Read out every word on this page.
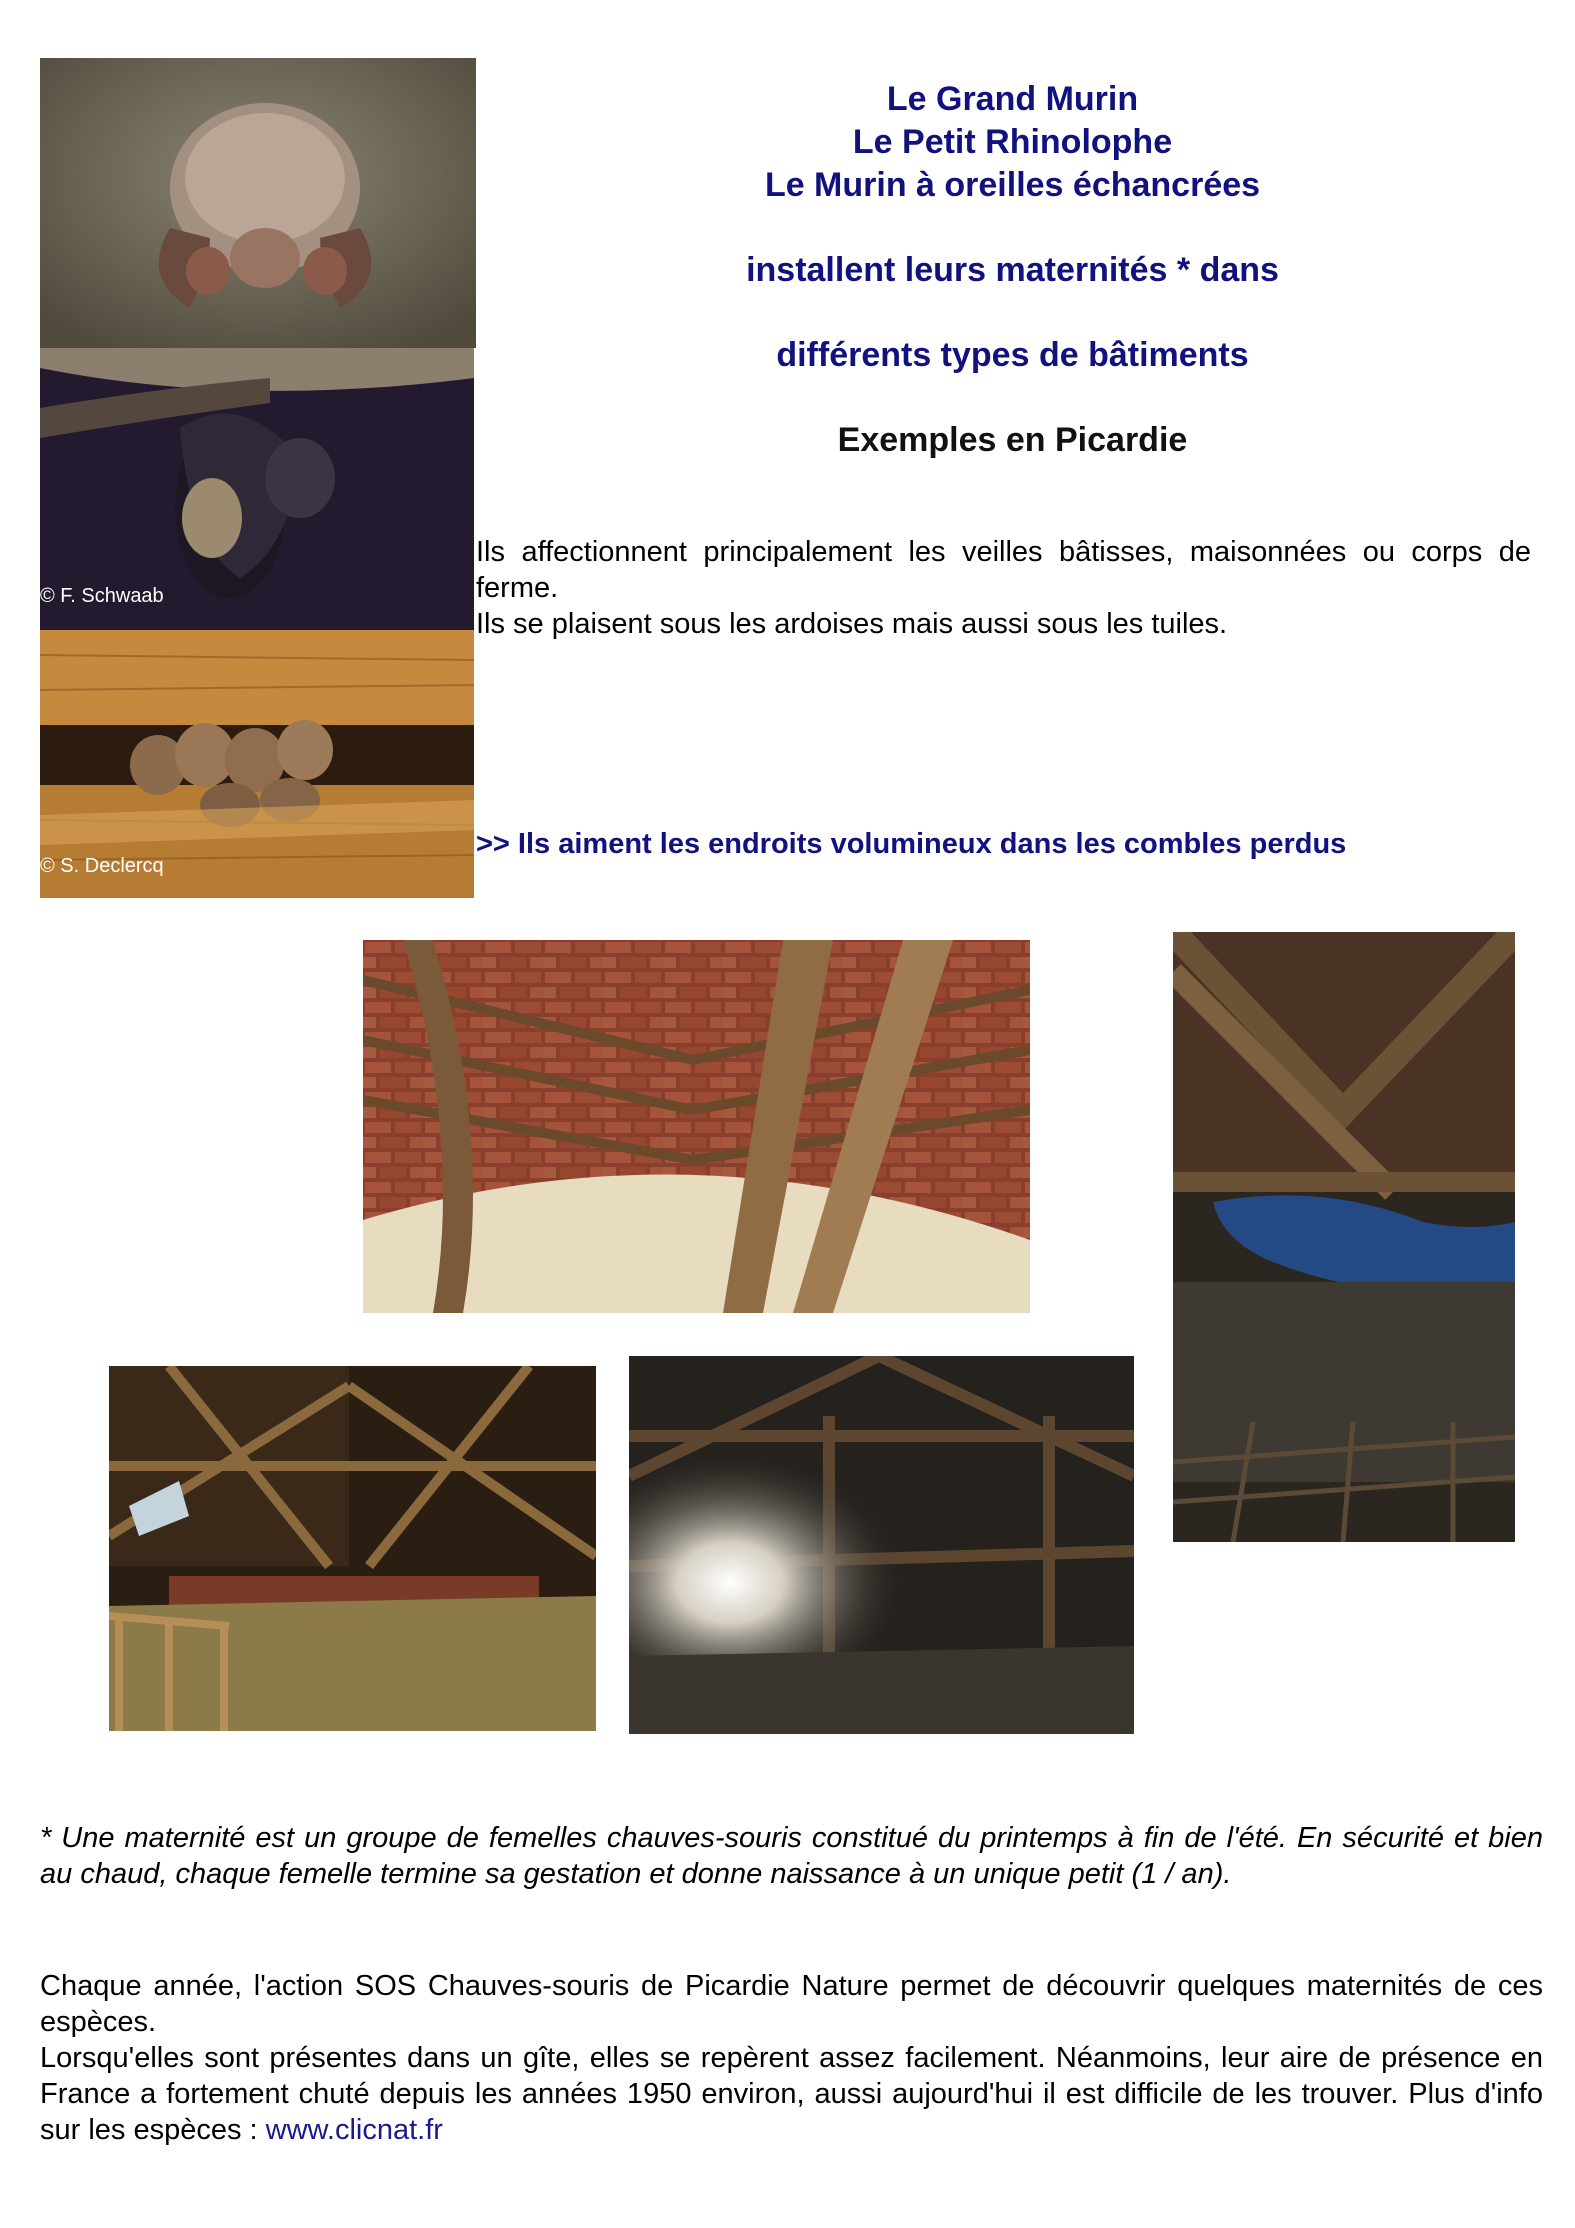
© F. Schwaab
© S. Declercq
Le Grand Murin
Le Petit Rhinolophe
Le Murin à oreilles échancrées
installent leurs maternités * dans
différents types de bâtiments
Exemples en Picardie

Ils affectionnent principalement les veilles bâtisses, maisonnées ou corps de ferme.

Ils se plaisent sous les ardoises mais aussi sous les tuiles.

>> Ils aiment les endroits volumineux dans les combles perdus
* Une maternité est un groupe de femelles chauves-souris constitué du printemps à fin de l'été. En sécurité et bien au chaud, chaque femelle termine sa gestation et donne naissance à un unique petit (1 / an).

Chaque année, l'action SOS Chauves-souris de Picardie Nature permet de découvrir quelques maternités de ces espèces.

Lorsqu'elles sont présentes dans un gîte, elles se repèrent assez facilement. Néanmoins, leur aire de présence en France a fortement chuté depuis les années 1950 environ, aussi aujourd'hui il est difficile de les trouver. Plus d'info sur les espèces : www.clicnat.fr
